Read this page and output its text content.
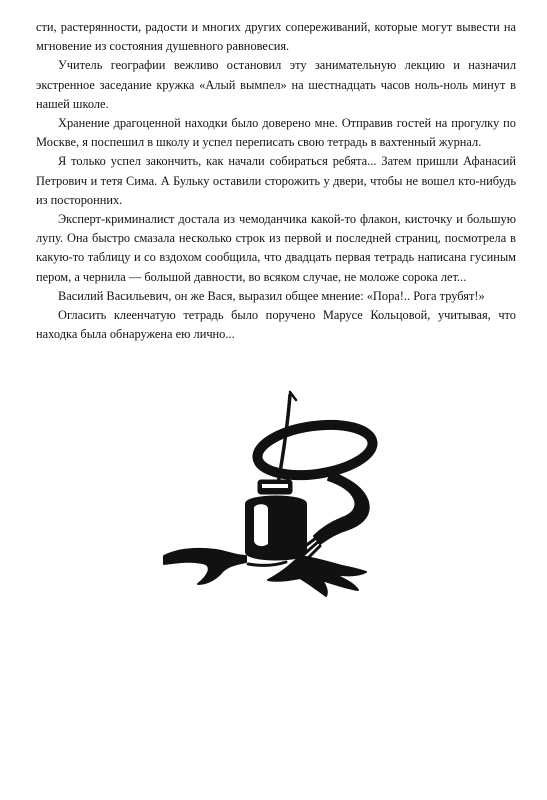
сти, растерянности, радости и многих других сопереживаний, которые могут вывести на мгновение из состояния душевного равновесия.

Учитель географии вежливо остановил эту занимательную лекцию и назначил экстренное заседание кружка «Алый вымпел» на шестнадцать часов ноль-ноль минут в нашей школе.

Хранение драгоценной находки было доверено мне. Отправив гостей на прогулку по Москве, я поспешил в школу и успел переписать свою тетрадь в вахтенный журнал.

Я только успел закончить, как начали собираться ребята... Затем пришли Афанасий Петрович и тетя Сима. А Бульку оставили сторожить у двери, чтобы не вошел кто-нибудь из посторонних.

Эксперт-криминалист достала из чемоданчика какой-то флакон, кисточку и большую лупу. Она быстро смазала несколько строк из первой и последней страниц, посмотрела в какую-то таблицу и со вздохом сообщила, что двадцать первая тетрадь написана гусиным пером, а чернила — большой давности, во всяком случае, не моложе сорока лет...

Василий Васильевич, он же Вася, выразил общее мнение: «Пора!.. Рога трубят!»

Огласить клеенчатую тетрадь было поручено Марусе Кольцовой, учитывая, что находка была обнаружена ею лично...
